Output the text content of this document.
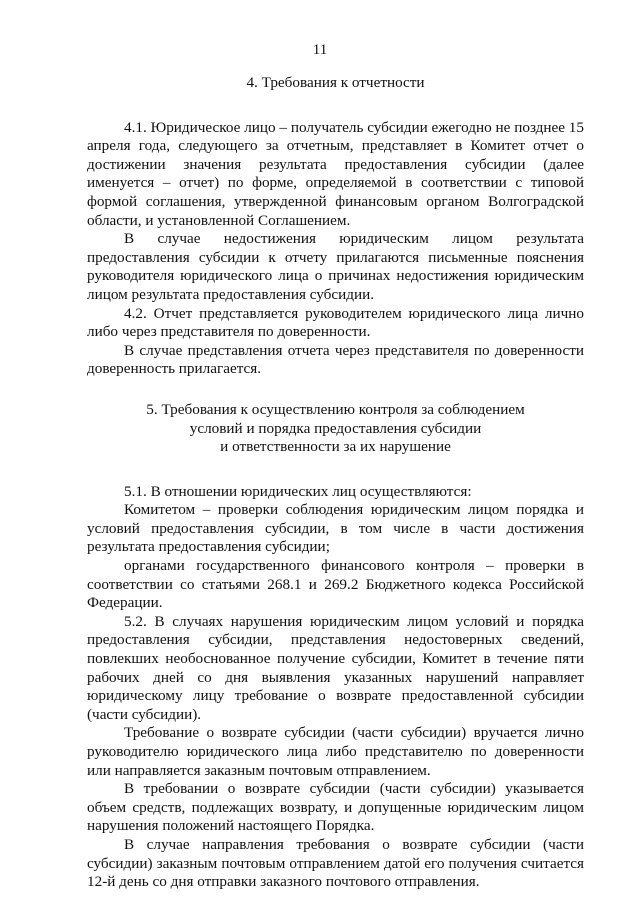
11
4. Требования к отчетности

4.1. Юридическое лицо – получатель субсидии ежегодно не позднее 15 апреля года, следующего за отчетным, представляет в Комитет отчет о достижении значения результата предоставления субсидии (далее именуется – отчет) по форме, определяемой в соответствии с типовой формой соглашения, утвержденной финансовым органом Волгоградской области, и установленной Соглашением.

В случае недостижения юридическим лицом результата предоставления субсидии к отчету прилагаются письменные пояснения руководителя юридического лица о причинах недостижения юридическим лицом результата предоставления субсидии.

4.2. Отчет представляется руководителем юридического лица лично либо через представителя по доверенности.

В случае представления отчета через представителя по доверенности доверенность прилагается.

5. Требования к осуществлению контроля за соблюдением
условий и порядка предоставления субсидии
и ответственности за их нарушение

5.1. В отношении юридических лиц осуществляются:

Комитетом – проверки соблюдения юридическим лицом порядка и условий предоставления субсидии, в том числе в части достижения результата предоставления субсидии;

органами государственного финансового контроля – проверки в соответствии со статьями 268.1 и 269.2 Бюджетного кодекса Российской Федерации.

5.2. В случаях нарушения юридическим лицом условий и порядка предоставления субсидии, представления недостоверных сведений, повлекших необоснованное получение субсидии, Комитет в течение пяти рабочих дней со дня выявления указанных нарушений направляет юридическому лицу требование о возврате предоставленной субсидии (части субсидии).

Требование о возврате субсидии (части субсидии) вручается лично руководителю юридического лица либо представителю по доверенности или направляется заказным почтовым отправлением.

В требовании о возврате субсидии (части субсидии) указывается объем средств, подлежащих возврату, и допущенные юридическим лицом нарушения положений настоящего Порядка.

В случае направления требования о возврате субсидии (части субсидии) заказным почтовым отправлением датой его получения считается 12-й день со дня отправки заказного почтового отправления.
